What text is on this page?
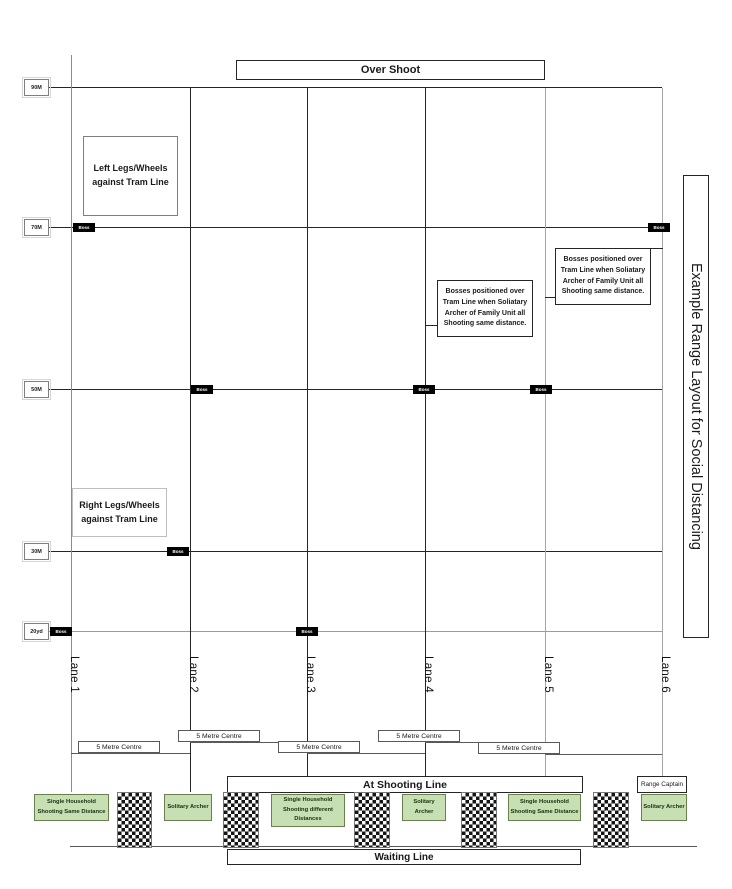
Over Shoot
Example Range Layout for Social Distancing
At Shooting Line	Range Captain
Waiting Line
90M
70M
50M
30M
20yd
Lane 1	Lane 2	Lane 3	Lane 4	Lane 5	Lane 6
Boss	Boss
Boss	Boss	Boss
Boss
Boss	Boss
5 Metre Centre
5 Metre Centre
5 Metre Centre
5 Metre Centre
5 Metre Centre
Left Legs/Wheels against Tram Line
Right Legs/Wheels against Tram Line
Bosses positioned over Tram Line when Soliatary Archer of Family Unit all Shooting same distance.
Bosses positioned over Tram Line when Soliatary Archer of Family Unit all Shooting same distance.
Single Household Shooting Same Distance
Solitary Archer
Single Household Shooting different Distances
Solitary Archer
Single Household Shooting Same Distance
Solitary Archer
